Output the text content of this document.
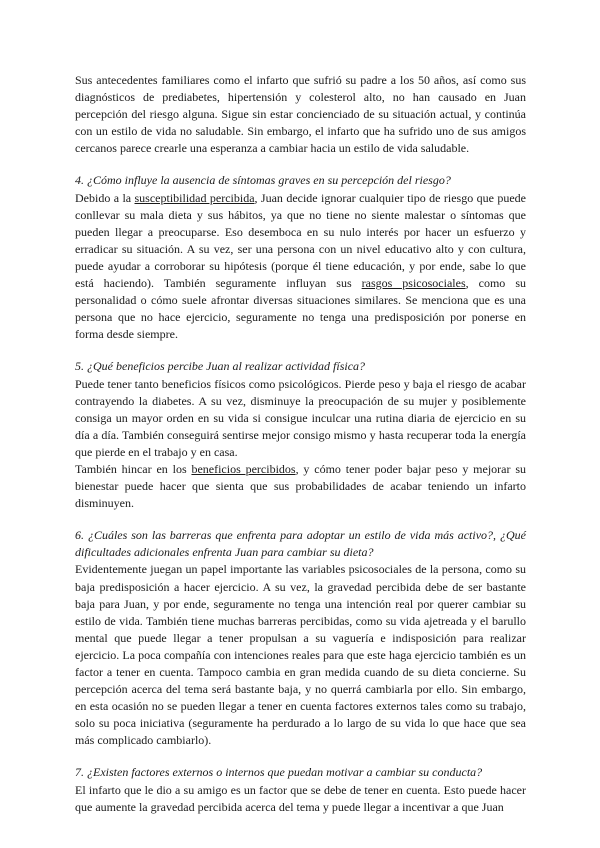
Sus antecedentes familiares como el infarto que sufrió su padre a los 50 años, así como sus diagnósticos de prediabetes, hipertensión y colesterol alto, no han causado en Juan percepción del riesgo alguna. Sigue sin estar concienciado de su situación actual, y continúa con un estilo de vida no saludable. Sin embargo, el infarto que ha sufrido uno de sus amigos cercanos parece crearle una esperanza a cambiar hacia un estilo de vida saludable.

4. ¿Cómo influye la ausencia de síntomas graves en su percepción del riesgo?

Debido a la susceptibilidad percibida, Juan decide ignorar cualquier tipo de riesgo que puede conllevar su mala dieta y sus hábitos, ya que no tiene no siente malestar o síntomas que pueden llegar a preocuparse. Eso desemboca en su nulo interés por hacer un esfuerzo y erradicar su situación. A su vez, ser una persona con un nivel educativo alto y con cultura, puede ayudar a corroborar su hipótesis (porque él tiene educación, y por ende, sabe lo que está haciendo). También seguramente influyan sus rasgos psicosociales, como su personalidad o cómo suele afrontar diversas situaciones similares. Se menciona que es una persona que no hace ejercicio, seguramente no tenga una predisposición por ponerse en forma desde siempre.

5. ¿Qué beneficios percibe Juan al realizar actividad física?

Puede tener tanto beneficios físicos como psicológicos. Pierde peso y baja el riesgo de acabar contrayendo la diabetes. A su vez, disminuye la preocupación de su mujer y posiblemente consiga un mayor orden en su vida si consigue inculcar una rutina diaria de ejercicio en su día a día. También conseguirá sentirse mejor consigo mismo y hasta recuperar toda la energía que pierde en el trabajo y en casa.

También hincar en los beneficios percibidos, y cómo tener poder bajar peso y mejorar su bienestar puede hacer que sienta que sus probabilidades de acabar teniendo un infarto disminuyen.

6. ¿Cuáles son las barreras que enfrenta para adoptar un estilo de vida más activo?, ¿Qué dificultades adicionales enfrenta Juan para cambiar su dieta?

Evidentemente juegan un papel importante las variables psicosociales de la persona, como su baja predisposición a hacer ejercicio. A su vez, la gravedad percibida debe de ser bastante baja para Juan, y por ende, seguramente no tenga una intención real por querer cambiar su estilo de vida. También tiene muchas barreras percibidas, como su vida ajetreada y el barullo mental que puede llegar a tener propulsan a su vaguería e indisposición para realizar ejercicio. La poca compañía con intenciones reales para que este haga ejercicio también es un factor a tener en cuenta. Tampoco cambia en gran medida cuando de su dieta concierne. Su percepción acerca del tema será bastante baja, y no querrá cambiarla por ello. Sin embargo, en esta ocasión no se pueden llegar a tener en cuenta factores externos tales como su trabajo, solo su poca iniciativa (seguramente ha perdurado a lo largo de su vida lo que hace que sea más complicado cambiarlo).

7. ¿Existen factores externos o internos que puedan motivar a cambiar su conducta?

El infarto que le dio a su amigo es un factor que se debe de tener en cuenta. Esto puede hacer que aumente la gravedad percibida acerca del tema y puede llegar a incentivar a que Juan
